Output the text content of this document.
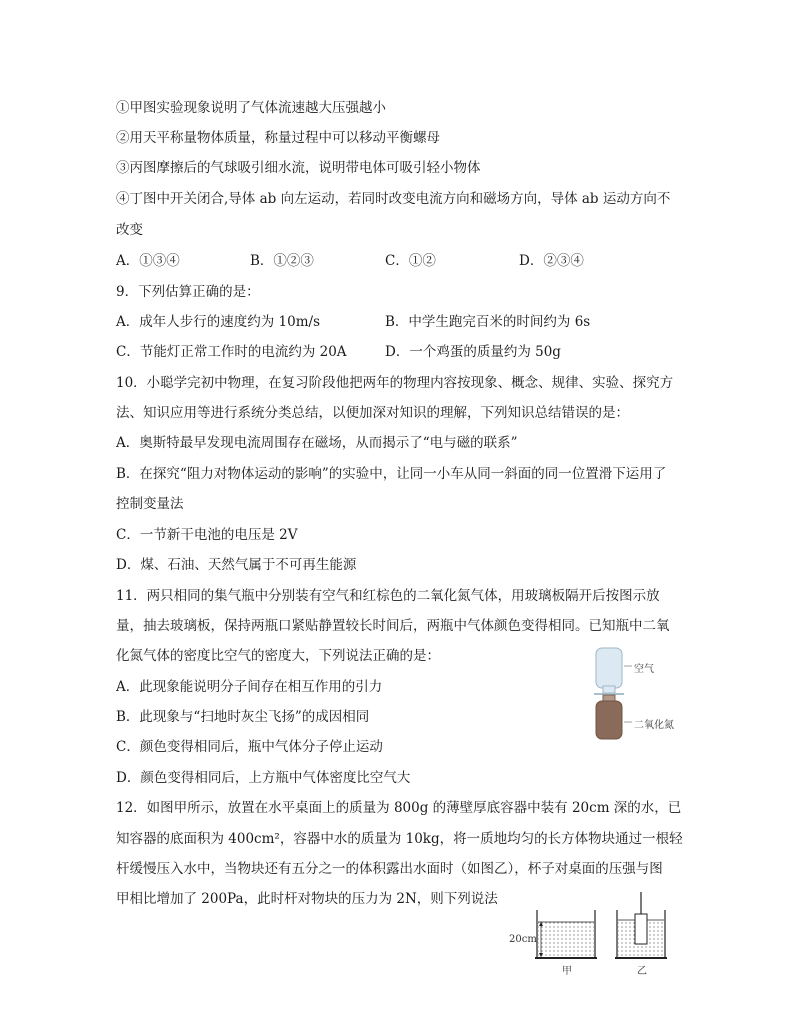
①甲图实验现象说明了气体流速越大压强越小
②用天平称量物体质量，称量过程中可以移动平衡螺母
③丙图摩擦后的气球吸引细水流，说明带电体可吸引轻小物体
④丁图中开关闭合,导体 ab 向左运动，若同时改变电流方向和磁场方向，导体 ab 运动方向不
改变
A．①③④	B．①②③	C．①②	D．②③④
9．下列估算正确的是：
A．成年人步行的速度约为 10m/s	B．中学生跑完百米的时间约为 6s
C．节能灯正常工作时的电流约为 20A	D．一个鸡蛋的质量约为 50g
10．小聪学完初中物理，在复习阶段他把两年的物理内容按现象、概念、规律、实验、探究方
法、知识应用等进行系统分类总结，以便加深对知识的理解，下列知识总结错误的是：
A．奥斯特最早发现电流周围存在磁场，从而揭示了“电与磁的联系”
B．在探究“阻力对物体运动的影响”的实验中，让同一小车从同一斜面的同一位置滑下运用了
控制变量法
C．一节新干电池的电压是 2V
D．煤、石油、天然气属于不可再生能源
11．两只相同的集气瓶中分别装有空气和红棕色的二氧化氮气体，用玻璃板隔开后按图示放
量，抽去玻璃板，保持两瓶口紧贴静置较长时间后，两瓶中气体颜色变得相同。已知瓶中二氧
化氮气体的密度比空气的密度大，下列说法正确的是：
A．此现象能说明分子间存在相互作用的引力
B．此现象与“扫地时灰尘飞扬”的成因相同
C．颜色变得相同后，瓶中气体分子停止运动
D．颜色变得相同后，上方瓶中气体密度比空气大
空气
二氧化氮
12．如图甲所示，放置在水平桌面上的质量为 800g 的薄壁厚底容器中装有 20cm 深的水，已
知容器的底面积为 400cm²，容器中水的质量为 10kg，将一质地均匀的长方体物块通过一根轻
杆缓慢压入水中，当物块还有五分之一的体积露出水面时（如图乙），杯子对桌面的压强与图
甲相比增加了 200Pa，此时杆对物块的压力为 2N，则下列说法
20cm
甲	乙
